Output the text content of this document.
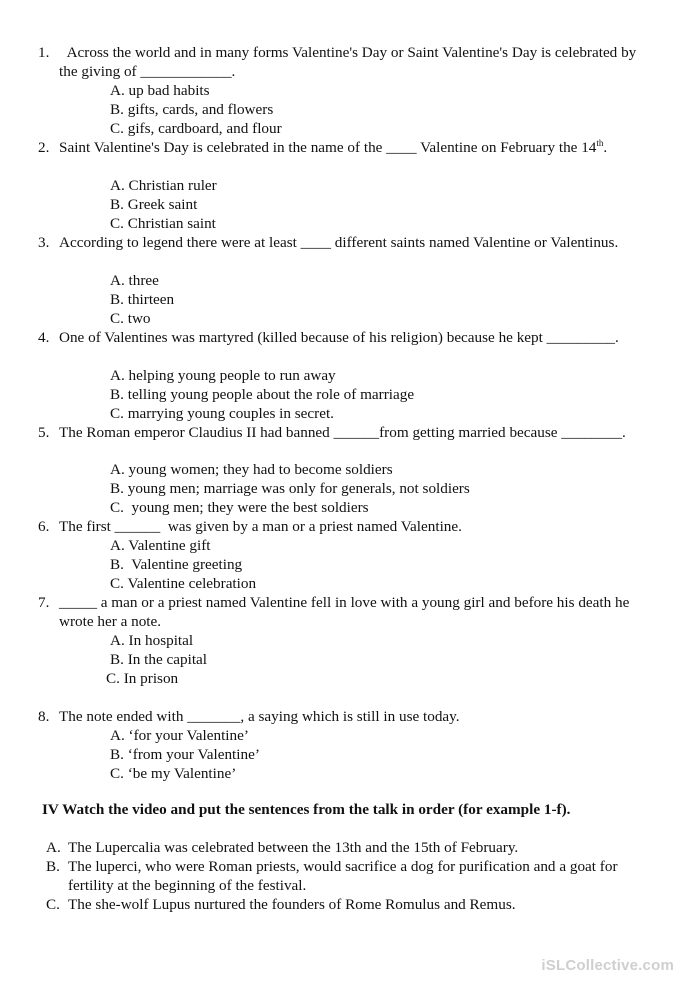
1. Across the world and in many forms Valentine's Day or Saint Valentine's Day is celebrated by the giving of ____________.
A. up bad habits
B. gifts, cards, and flowers
C. gifs, cardboard, and flour
2. Saint Valentine's Day is celebrated in the name of the ____ Valentine on February the 14th.
A. Christian ruler
B. Greek saint
C. Christian saint
3. According to legend there were at least ____ different saints named Valentine or Valentinus.
A. three
B. thirteen
C. two
4. One of Valentines was martyred (killed because of his religion) because he kept _________.
A. helping young people to run away
B. telling young people about the role of marriage
C. marrying young couples in secret.
5. The Roman emperor Claudius II had banned ______from getting married because ________.
A. young women; they had to become soldiers
B. young men; marriage was only for generals, not soldiers
C.  young men; they were the best soldiers
6. The first ______  was given by a man or a priest named Valentine.
A. Valentine gift
B.  Valentine greeting
C. Valentine celebration
7. _____ a man or a priest named Valentine fell in love with a young girl and before his death he wrote her a note.
A. In hospital
B. In the capital
C. In prison
8. The note ended with _______, a saying which is still in use today.
A. ‘for your Valentine’
B. ‘from your Valentine’
C. ‘be my Valentine’
IV Watch the video and put the sentences from the talk in order (for example 1-f).
A. The Lupercalia was celebrated between the 13th and the 15th of February.
B. The luperci, who were Roman priests, would sacrifice a dog for purification and a goat for fertility at the beginning of the festival.
C. The she-wolf Lupus nurtured the founders of Rome Romulus and Remus.
iSLCollective.com
